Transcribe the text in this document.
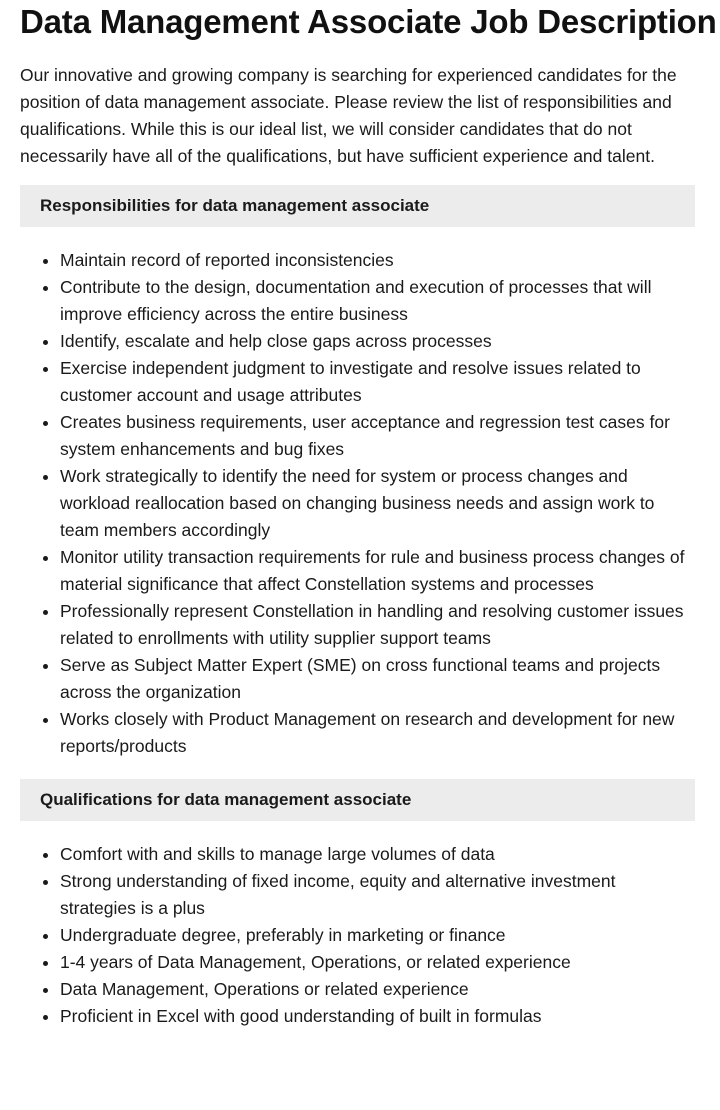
Data Management Associate Job Description

Our innovative and growing company is searching for experienced candidates for the position of data management associate. Please review the list of responsibilities and qualifications. While this is our ideal list, we will consider candidates that do not necessarily have all of the qualifications, but have sufficient experience and talent.

Responsibilities for data management associate
• Maintain record of reported inconsistencies
• Contribute to the design, documentation and execution of processes that will improve efficiency across the entire business
• Identify, escalate and help close gaps across processes
• Exercise independent judgment to investigate and resolve issues related to customer account and usage attributes
• Creates business requirements, user acceptance and regression test cases for system enhancements and bug fixes
• Work strategically to identify the need for system or process changes and workload reallocation based on changing business needs and assign work to team members accordingly
• Monitor utility transaction requirements for rule and business process changes of material significance that affect Constellation systems and processes
• Professionally represent Constellation in handling and resolving customer issues related to enrollments with utility supplier support teams
• Serve as Subject Matter Expert (SME) on cross functional teams and projects across the organization
• Works closely with Product Management on research and development for new reports/products
Qualifications for data management associate
• Comfort with and skills to manage large volumes of data
• Strong understanding of fixed income, equity and alternative investment strategies is a plus
• Undergraduate degree, preferably in marketing or finance
• 1-4 years of Data Management, Operations, or related experience
• Data Management, Operations or related experience
• Proficient in Excel with good understanding of built in formulas
